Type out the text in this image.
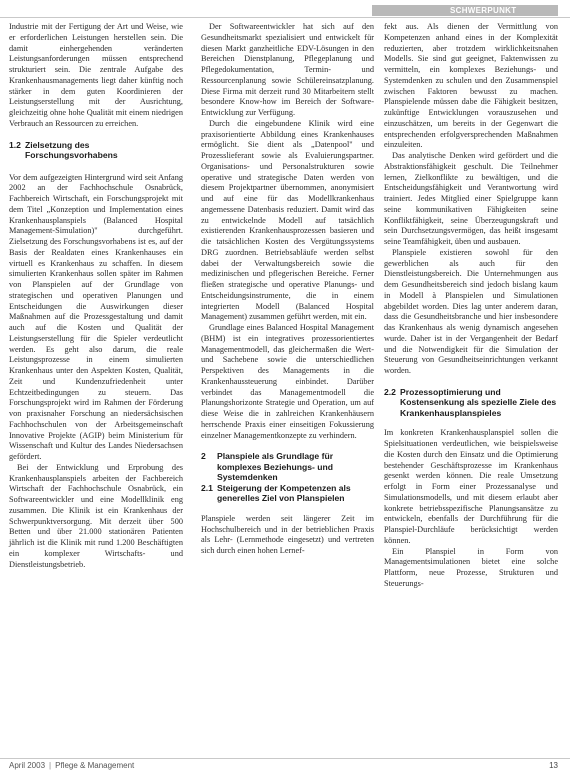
SCHWERPUNKT

Industrie mit der Fertigung der Art und Weise, wie er erforderlichen Leistungen herstellen sein. Die damit einhergehenden veränderten Leistungsanforderungen müssen entsprechend strukturiert sein. Die zentrale Aufgabe des Krankenhausmanagements liegt daher künftig noch stärker in dem guten Koordinieren der Leistungserstellung mit der Ausrichtung, gleichzeitig ohne hohe Qualität mit einem niedrigen Verbrauch an Ressourcen zu erreichen.

1.2 Zielsetzung des Forschungsvorhabens

Vor dem aufgezeigten Hintergrund wird seit Anfang 2002 an der Fachhochschule Osnabrück, Fachbereich Wirtschaft, ein Forschungsprojekt mit dem Titel „Konzeption und Implementation eines Krankenhausplanspiels (Balanced Hospital Management-Simulation)" durchgeführt. Zielsetzung des Forschungsvorhabens ist es, auf der Basis der Realdaten eines Krankenhauses ein virtuell es Krankenhaus zu schaffen. In diesem simulierten Krankenhaus sollen später im Rahmen von Planspielen auf der Grundlage von strategischen und operativen Planungen und Entscheidungen die Auswirkungen dieser Maßnahmen auf die Prozessgestaltung und damit auch auf die Kosten und Qualität der Leistungserstellung für die Spieler verdeutlicht werden. Es geht also darum, die reale Leistungsprozesse in einem simulierten Krankenhaus unter den Aspekten Kosten, Qualität, Zeit und Kundenzufriedenheit unter Echtzeitbedingungen zu steuern. Das Forschungsprojekt wird im Rahmen der Förderung von praxisnaher Forschung an niedersächsischen Fachhochschulen von der Arbeitsgemeinschaft Innovative Projekte (AGIP) beim Ministerium für Wissenschaft und Kultur des Landes Niedersachsen gefördert.

Bei der Entwicklung und Erprobung des Krankenhausplanspiels arbeiten der Fachbereich Wirtschaft der Fachhochschule Osnabrück, ein Softwareentwickler und eine Modellklinik eng zusammen. Die Klinik ist ein Krankenhaus der Schwerpunktversorgung. Mit derzeit über 500 Betten und über 21.000 stationären Patienten jährlich ist die Klinik mit rund 1.200 Beschäftigten ein komplexer Wirtschafts- und Dienstleistungsbetrieb.

Der Softwareentwickler hat sich auf den Gesundheitsmarkt spezialisiert und entwickelt für diesen Markt ganzheitliche EDV-Lösungen in den Bereichen Dienstplanung, Pflegeplanung und Pflegedokumentation, Termin- und Ressourcenplanung sowie Schülereinsatzplanung. Diese Firma mit derzeit rund 30 Mitarbeitern stellt besondere Know-how im Bereich der Software-Entwicklung zur Verfügung.

Durch die eingebundene Klinik wird eine praxisorientierte Abbildung eines Krankenhauses ermöglicht. Sie dient als „Datenpool" und Prozesslieferant sowie als Evaluierungspartner. Organisations- und Personalstrukturen sowie operative und strategische Daten werden von diesem Projektpartner übernommen, anonymisiert und auf eine für das Modellkrankenhaus angemessene Datenbasis reduziert. Damit wird das zu entwickelnde Modell auf tatsächlich existierenden Krankenhausprozessen basieren und die tatsächlichen Kosten des Vergütungssystems DRG zuordnen. Betriebsabläufe werden selbst dabei der Verwaltungsbereich sowie die medizinischen und pflegerischen Bereiche. Ferner fließen strategische und operative Planungs- und Entscheidungsinstrumente, die in einem integrierten Modell (Balanced Hospital Management) zusammen geführt werden, mit ein.

Grundlage eines Balanced Hospital Management (BHM) ist ein integratives prozessorientiertes Managementmodell, das gleichermaßen die Wert- und Sachebene sowie die unterschiedlichen Perspektiven des Managements in die Krankenhaussteuerung einbindet. Darüber verbindet das Managementmodell die Planungshorizonte Strategie und Operation, um auf diese Weise die in zahlreichen Krankenhäusern herrschende Praxis einer einseitigen Fokussierung einzelner Managementkonzepte zu verhindern.

2	Planspiele als Grundlage für komplexes Beziehungs- und Systemdenken
2.1 Steigerung der Kompetenzen als generelles Ziel von Planspielen

Planspiele werden seit längerer Zeit im Hochschulbereich und in der betrieblichen Praxis als Lehr- (Lernmethode eingesetzt) und vertreten sich durch einen hohen Lernef-

fekt aus. Als dienen der Vermittlung von Kompetenzen anhand eines in der Komplexität reduzierten, aber trotzdem wirklichkeitsnahen Modells. Sie sind gut geeignet, Faktenwissen zu vermitteln, ein komplexes Beziehungs- und Systemdenken zu schulen und den Zusammenspiel zwischen Faktoren bewusst zu machen. Planspielende müssen dabe die Fähigkeit besitzen, zukünftige Entwicklungen vorauszusehen und einzuschätzen, um bereits in der Gegenwart die entsprechenden erfolgversprechenden Maßnahmen einzuleiten.

Das analytische Denken wird gefördert und die Abstraktionsfähigkeit geschult. Die Teilnehmer lernen, Zielkonflikte zu bewältigen, und die Entscheidungsfähigkeit und Verantwortung wird trainiert. Jedes Mitglied einer Spielgruppe kann seine kommunikativen Fähigkeiten seine Konfliktfähigkeit, seine Überzeugungskraft und sein Durchsetzungsvermögen, das heißt insgesamt seine Teamfähigkeit, üben und ausbauen.

Planspiele existieren sowohl für den gewerblichen als auch für den Dienstleistungsbereich. Die Unternehmungen aus dem Gesundheitsbereich sind jedoch bislang kaum in Modell à Planspielen und Simulationen abgebildet worden. Dies lag unter anderem daran, dass die Gesundheitsbranche und hier insbesondere das Krankenhaus als wenig dynamisch angesehen wurde. Daher ist in der Vergangenheit der Bedarf und die Notwendigkeit für die Simulation der Steuerung von Gesundheitseinrichtungen verkannt worden.

2.2 Prozessoptimierung und Kostensenkung als spezielle Ziele des Krankenhausplanspieles

Im konkreten Krankenhausplanspiel sollen die Spielsituationen verdeutlichen, wie beispielsweise die Kosten durch den Einsatz und die Optimierung bestehender Geschäftsprozesse im Krankenhaus gesenkt werden können. Die reale Umsetzung erfolgt in Form einer Prozessanalyse und Simulationsmodells, und mit diesem erlaubt aber konkrete betriebsspezifische Planungsansätze zu entwickeln, ebenfalls der Durchführung für die Planspiel-Durchläufe berücksichtigt werden können.

Ein Planspiel in Form von Managementsimulationen bietet eine solche Plattform, neue Prozesse, Strukturen und Steuerungs-

April 2003 | Pflege & Management	13
